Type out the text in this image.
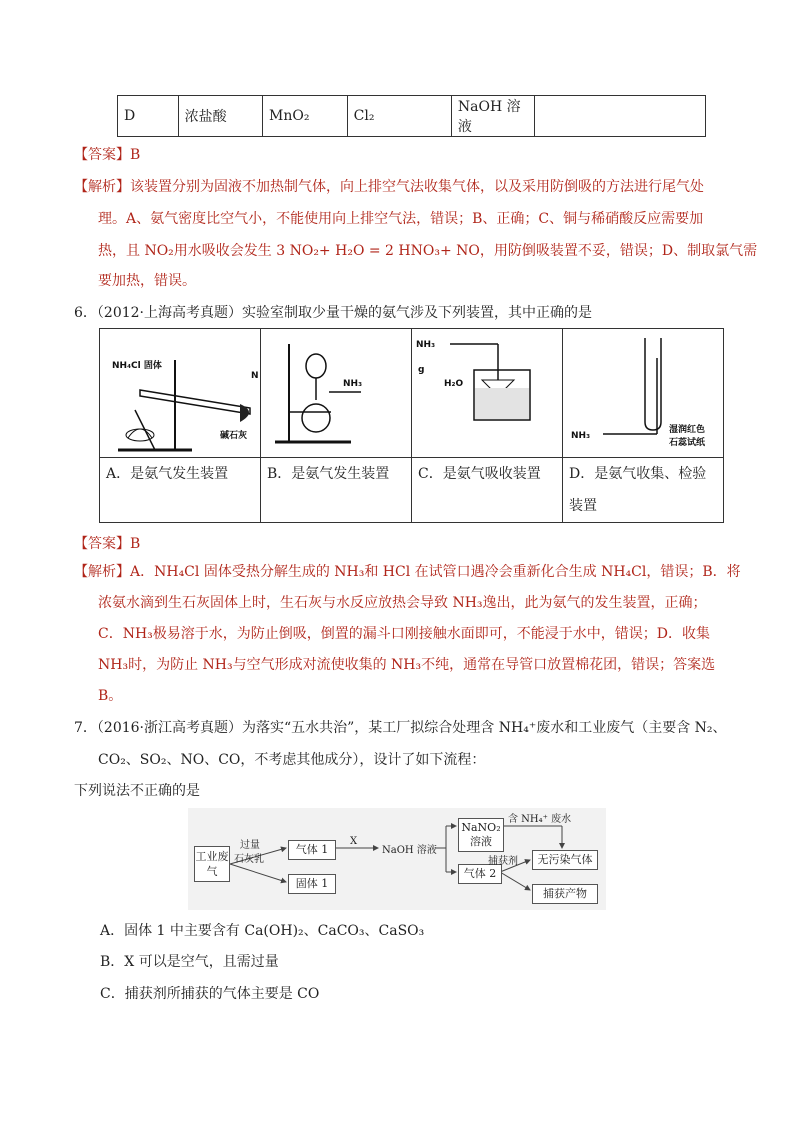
D	浓盐酸	MnO₂	Cl₂	NaOH 溶液	
【答案】B
【解析】该装置分别为固液不加热制气体，向上排空气法收集气体，以及采用防倒吸的方法进行尾气处
理。A、氨气密度比空气小，不能使用向上排空气法，错误；B、正确；C、铜与稀硝酸反应需要加
热，且 NO₂用水吸收会发生 3 NO₂+ H₂O = 2 HNO₃+ NO，用防倒吸装置不妥，错误；D、制取氯气需
要加热，错误。
6．（2012·上海高考真题）实验室制取少量干燥的氨气涉及下列装置，其中正确的是
NH₄Cl 固体
碱石灰
N	NH₃	NH₃
H₂O
g	NH₃
湿润红色
石蕊试纸

A．是氨气发生装置	B．是氨气发生装置	C．是氨气吸收装置	D．是氨气收集、检验装置
【答案】B
【解析】A．NH₄Cl 固体受热分解生成的 NH₃和 HCl 在试管口遇冷会重新化合生成 NH₄Cl，错误；B．将
浓氨水滴到生石灰固体上时，生石灰与水反应放热会导致 NH₃逸出，此为氨气的发生装置，正确；
C．NH₃极易溶于水，为防止倒吸，倒置的漏斗口刚接触水面即可，不能浸于水中，错误；D．收集
NH₃时，为防止 NH₃与空气形成对流使收集的 NH₃不纯，通常在导管口放置棉花团，错误；答案选
B。
7．（2016·浙江高考真题）为落实“五水共治”，某工厂拟综合处理含 NH₄⁺废水和工业废气（主要含 N₂、
CO₂、SO₂、NO、CO，不考虑其他成分），设计了如下流程：
下列说法不正确的是
工业废气
过量
石灰乳
气体 1
固体 1
X
NaOH 溶液
NaNO₂ 溶液
含 NH₄⁺ 废水
气体 2
捕获剂	无污染气体
捕获产物
A．固体 1 中主要含有 Ca(OH)₂、CaCO₃、CaSO₃
B．X 可以是空气，且需过量
C．捕获剂所捕获的气体主要是 CO
